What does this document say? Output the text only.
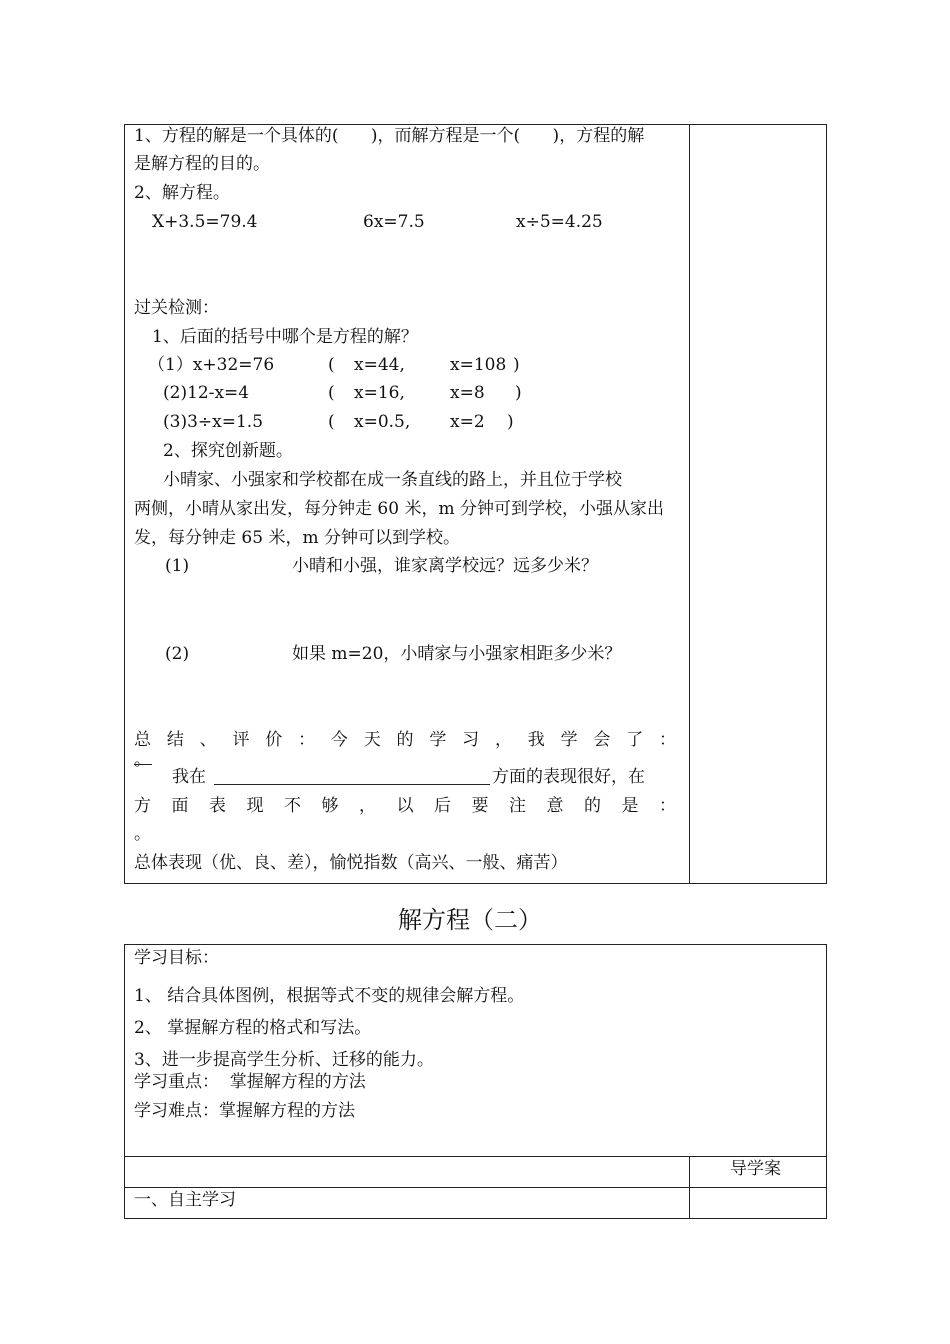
1、方程的解是一个具体的(      )，而解方程是一个(      )，方程的解
是解方程的目的。
2、解方程。
X+3.5=79.4	6x=7.5	x÷5=4.25
过关检测：
1、后面的括号中哪个是方程的解？
（1）x+32=76	( x=44,	x=108 )
(2)12-x=4	( x=16,	x=8 )
(3)3÷x=1.5	( x=0.5, x=2 )
2、探究创新题。
小晴家、小强家和学校都在成一条直线的路上，并且位于学校
两侧，小晴从家出发，每分钟走 60 米，m 分钟可到学校，小强从家出
发，每分钟走 65 米，m 分钟可以到学校。
(1)	小晴和小强，谁家离学校远？远多少米？
(2)	如果 m=20，小晴家与小强家相距多少米？
总 结 、 评 价 ： 今 天 的 学 习 ， 我 学 会 了 ：
。
我在	方面的表现很好，在
方 面 表 现 不 够 ， 以 后 要 注 意 的 是 ：
。
总体表现（优、良、差），愉悦指数（高兴、一般、痛苦）
解方程（二）
学习目标：
1、 结合具体图例，根据等式不变的规律会解方程。
2、 掌握解方程的格式和写法。
3、进一步提高学生分析、迁移的能力。
学习重点：  掌握解方程的方法
学习难点：掌握解方程的方法
导学案
一、自主学习
